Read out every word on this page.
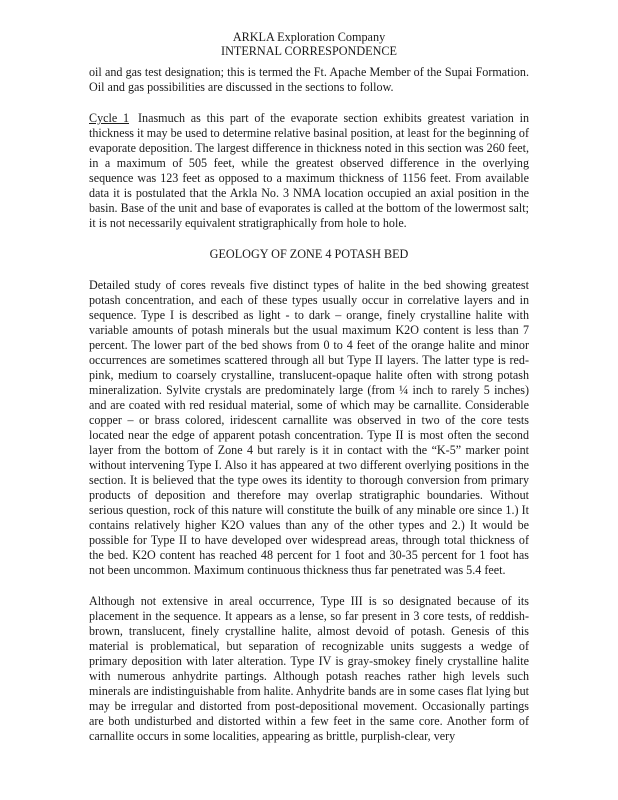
ARKLA Exploration Company
INTERNAL CORRESPONDENCE

oil and gas test designation; this is termed the Ft. Apache Member of the Supai Formation. Oil and gas possibilities are discussed in the sections to follow.

Cycle 1 Inasmuch as this part of the evaporate section exhibits greatest variation in thickness it may be used to determine relative basinal position, at least for the beginning of evaporate deposition. The largest difference in thickness noted in this section was 260 feet, in a maximum of 505 feet, while the greatest observed difference in the overlying sequence was 123 feet as opposed to a maximum thickness of 1156 feet. From available data it is postulated that the Arkla No. 3 NMA location occupied an axial position in the basin. Base of the unit and base of evaporates is called at the bottom of the lowermost salt; it is not necessarily equivalent stratigraphically from hole to hole.

GEOLOGY OF ZONE 4 POTASH BED

Detailed study of cores reveals five distinct types of halite in the bed showing greatest potash concentration, and each of these types usually occur in correlative layers and in sequence. Type I is described as light - to dark – orange, finely crystalline halite with variable amounts of potash minerals but the usual maximum K2O content is less than 7 percent. The lower part of the bed shows from 0 to 4 feet of the orange halite and minor occurrences are sometimes scattered through all but Type II layers. The latter type is red-pink, medium to coarsely crystalline, translucent-opaque halite often with strong potash mineralization. Sylvite crystals are predominately large (from ¼ inch to rarely 5 inches) and are coated with red residual material, some of which may be carnallite. Considerable copper – or brass colored, iridescent carnallite was observed in two of the core tests located near the edge of apparent potash concentration. Type II is most often the second layer from the bottom of Zone 4 but rarely is it in contact with the “K-5” marker point without intervening Type I. Also it has appeared at two different overlying positions in the section. It is believed that the type owes its identity to thorough conversion from primary products of deposition and therefore may overlap stratigraphic boundaries. Without serious question, rock of this nature will constitute the builk of any minable ore since 1.) It contains relatively higher K2O values than any of the other types and 2.) It would be possible for Type II to have developed over widespread areas, through total thickness of the bed. K2O content has reached 48 percent for 1 foot and 30-35 percent for 1 foot has not been uncommon. Maximum continuous thickness thus far penetrated was 5.4 feet.

Although not extensive in areal occurrence, Type III is so designated because of its placement in the sequence. It appears as a lense, so far present in 3 core tests, of reddish-brown, translucent, finely crystalline halite, almost devoid of potash. Genesis of this material is problematical, but separation of recognizable units suggests a wedge of primary deposition with later alteration. Type IV is gray-smokey finely crystalline halite with numerous anhydrite partings. Although potash reaches rather high levels such minerals are indistinguishable from halite. Anhydrite bands are in some cases flat lying but may be irregular and distorted from post-depositional movement. Occasionally partings are both undisturbed and distorted within a few feet in the same core. Another form of carnallite occurs in some localities, appearing as brittle, purplish-clear, very
